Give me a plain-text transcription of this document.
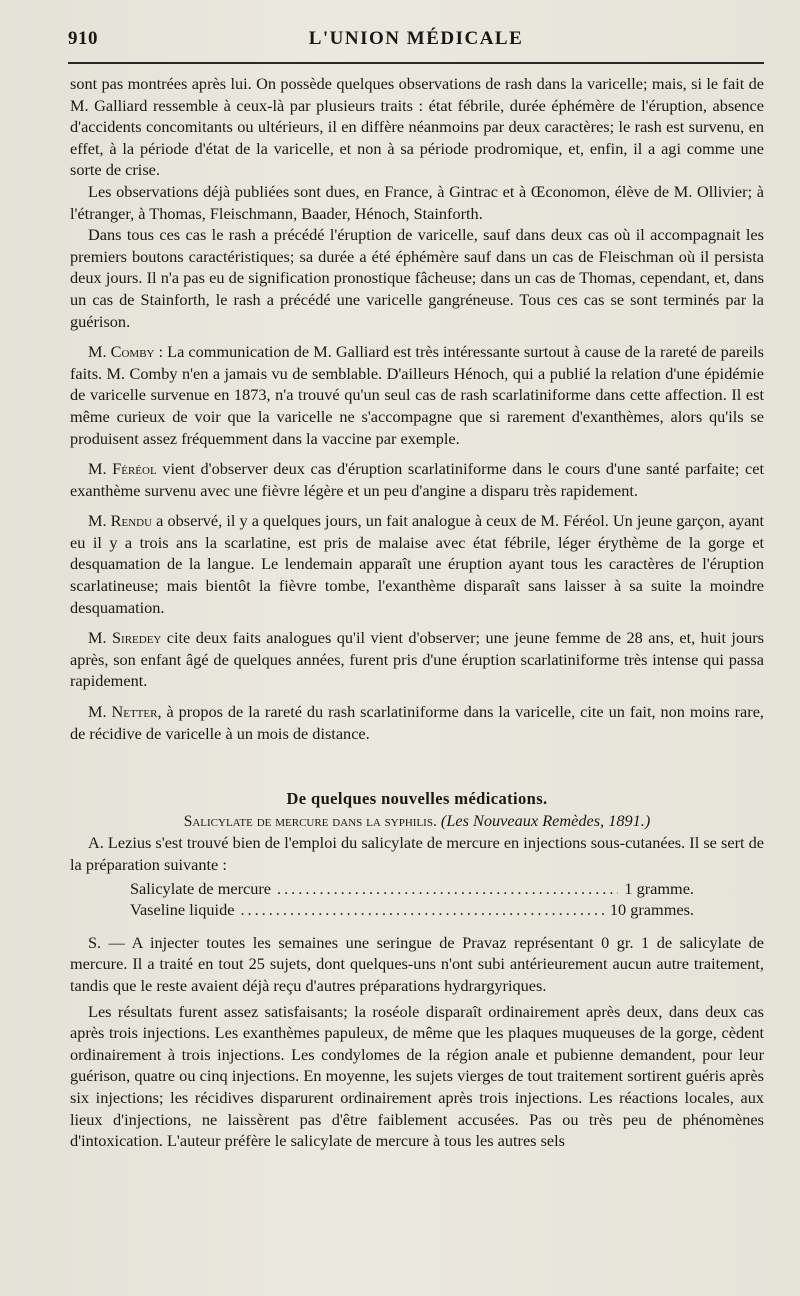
910	L'UNION MÉDICALE

sont pas montrées après lui. On possède quelques observations de rash dans la varicelle; mais, si le fait de M. Galliard ressemble à ceux-là par plusieurs traits : état fébrile, durée éphémère de l'éruption, absence d'accidents concomitants ou ultérieurs, il en diffère néanmoins par deux caractères; le rash est survenu, en effet, à la période d'état de la varicelle, et non à sa période prodromique, et, enfin, il a agi comme une sorte de crise.

Les observations déjà publiées sont dues, en France, à Gintrac et à Œconomon, élève de M. Ollivier; à l'étranger, à Thomas, Fleischmann, Baader, Hénoch, Stainforth.

Dans tous ces cas le rash a précédé l'éruption de varicelle, sauf dans deux cas où il accompagnait les premiers boutons caractéristiques; sa durée a été éphémère sauf dans un cas de Fleischman où il persista deux jours. Il n'a pas eu de signification pronostique fâcheuse; dans un cas de Thomas, cependant, et, dans un cas de Stainforth, le rash a précédé une varicelle gangréneuse. Tous ces cas se sont terminés par la guérison.

M. Comby : La communication de M. Galliard est très intéressante surtout à cause de la rareté de pareils faits. M. Comby n'en a jamais vu de semblable. D'ailleurs Hénoch, qui a publié la relation d'une épidémie de varicelle survenue en 1873, n'a trouvé qu'un seul cas de rash scarlatiniforme dans cette affection. Il est même curieux de voir que la varicelle ne s'accompagne que si rarement d'exanthèmes, alors qu'ils se produisent assez fréquemment dans la vaccine par exemple.

M. Féréol vient d'observer deux cas d'éruption scarlatiniforme dans le cours d'une santé parfaite; cet exanthème survenu avec une fièvre légère et un peu d'angine a disparu très rapidement.

M. Rendu a observé, il y a quelques jours, un fait analogue à ceux de M. Féréol. Un jeune garçon, ayant eu il y a trois ans la scarlatine, est pris de malaise avec état fébrile, léger érythème de la gorge et desquamation de la langue. Le lendemain apparaît une éruption ayant tous les caractères de l'éruption scarlatineuse; mais bientôt la fièvre tombe, l'exanthème disparaît sans laisser à sa suite la moindre desquamation.

M. Siredey cite deux faits analogues qu'il vient d'observer; une jeune femme de 28 ans, et, huit jours après, son enfant âgé de quelques années, furent pris d'une éruption scarlatiniforme très intense qui passa rapidement.

M. Netter, à propos de la rareté du rash scarlatiniforme dans la varicelle, cite un fait, non moins rare, de récidive de varicelle à un mois de distance.

De quelques nouvelles médications.

Salicylate de mercure dans la syphilis. (Les Nouveaux Remèdes, 1891.)

A. Lezius s'est trouvé bien de l'emploi du salicylate de mercure en injections sous-cutanées. Il se sert de la préparation suivante :

Salicylate de mercure .....	1 gramme.
Vaseline liquide .....	10 grammes.

S. — A injecter toutes les semaines une seringue de Pravaz représentant 0 gr. 1 de salicylate de mercure. Il a traité en tout 25 sujets, dont quelques-uns n'ont subi antérieurement aucun autre traitement, tandis que le reste avaient déjà reçu d'autres préparations hydrargyriques.

Les résultats furent assez satisfaisants; la roséole disparaît ordinairement après deux, dans deux cas après trois injections. Les exanthèmes papuleux, de même que les plaques muqueuses de la gorge, cèdent ordinairement à trois injections. Les condylomes de la région anale et pubienne demandent, pour leur guérison, quatre ou cinq injections. En moyenne, les sujets vierges de tout traitement sortirent guéris après six injections; les récidives disparurent ordinairement après trois injections. Les réactions locales, aux lieux d'injections, ne laissèrent pas d'être faiblement accusées. Pas ou très peu de phénomènes d'intoxication. L'auteur préfère le salicylate de mercure à tous les autres sels
